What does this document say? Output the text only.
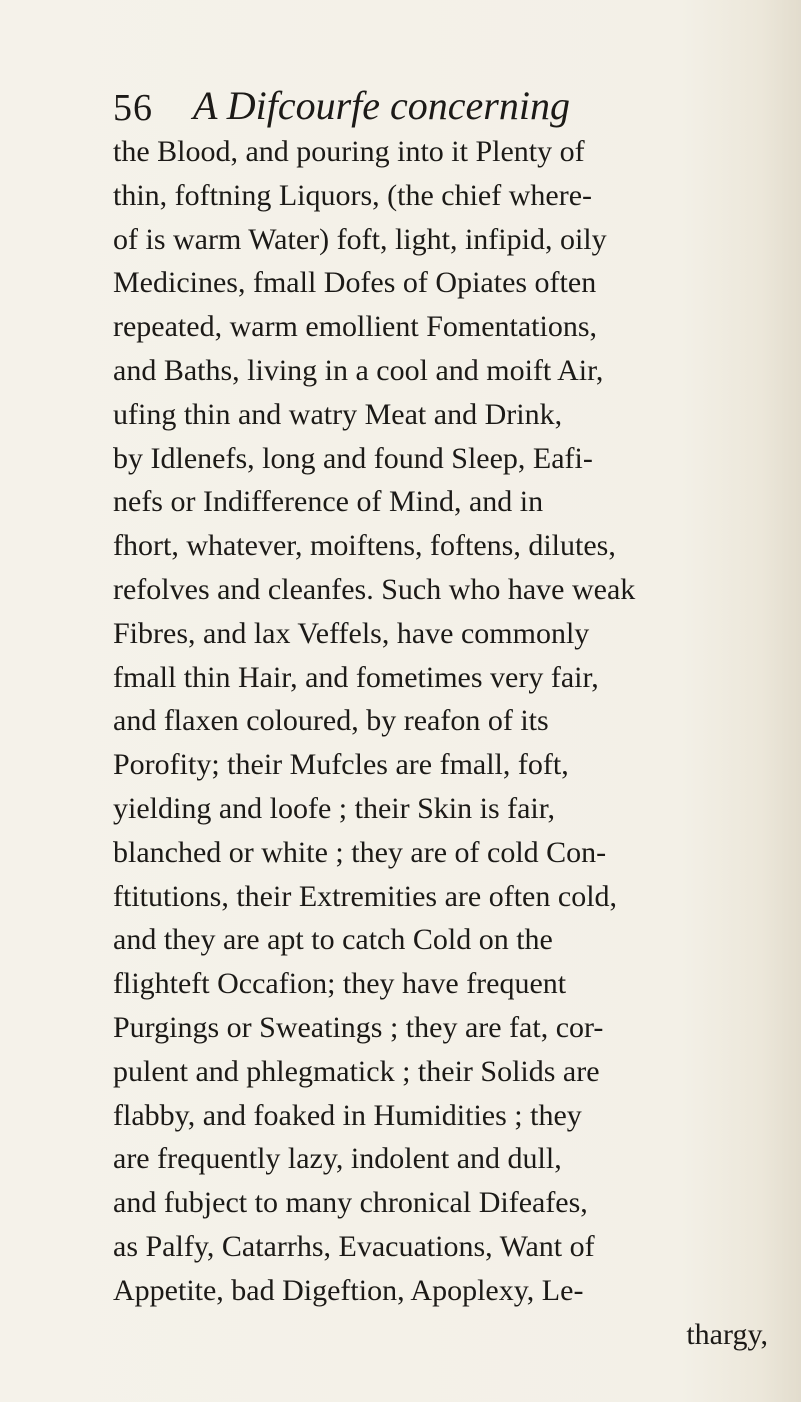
56 A Difcourfe concerning
the Blood, and pouring into it Plenty of
thin, foftning Liquors, (the chief where-
of is warm Water) foft, light, infipid, oily
Medicines, fmall Dofes of Opiates often
repeated, warm emollient Fomentations,
and Baths, living in a cool and moift Air,
ufing thin and watry Meat and Drink,
by Idlenefs, long and found Sleep, Eafi-
nefs or Indifference of Mind, and in
fhort, whatever, moiftens, foftens, dilutes,
refolves and cleanfes. Such who have weak
Fibres, and lax Veffels, have commonly
fmall thin Hair, and fometimes very fair,
and flaxen coloured, by reafon of its
Porofity; their Mufcles are fmall, foft,
yielding and loofe ; their Skin is fair,
blanched or white ; they are of cold Con-
ftitutions, their Extremities are often cold,
and they are apt to catch Cold on the
flighteft Occafion; they have frequent
Purgings or Sweatings ; they are fat, cor-
pulent and phlegmatick ; their Solids are
flabby, and foaked in Humidities ; they
are frequently lazy, indolent and dull,
and fubject to many chronical Difeafes,
as Palfy, Catarrhs, Evacuations, Want of
Appetite, bad Digeftion, Apoplexy, Le-
thargy,
